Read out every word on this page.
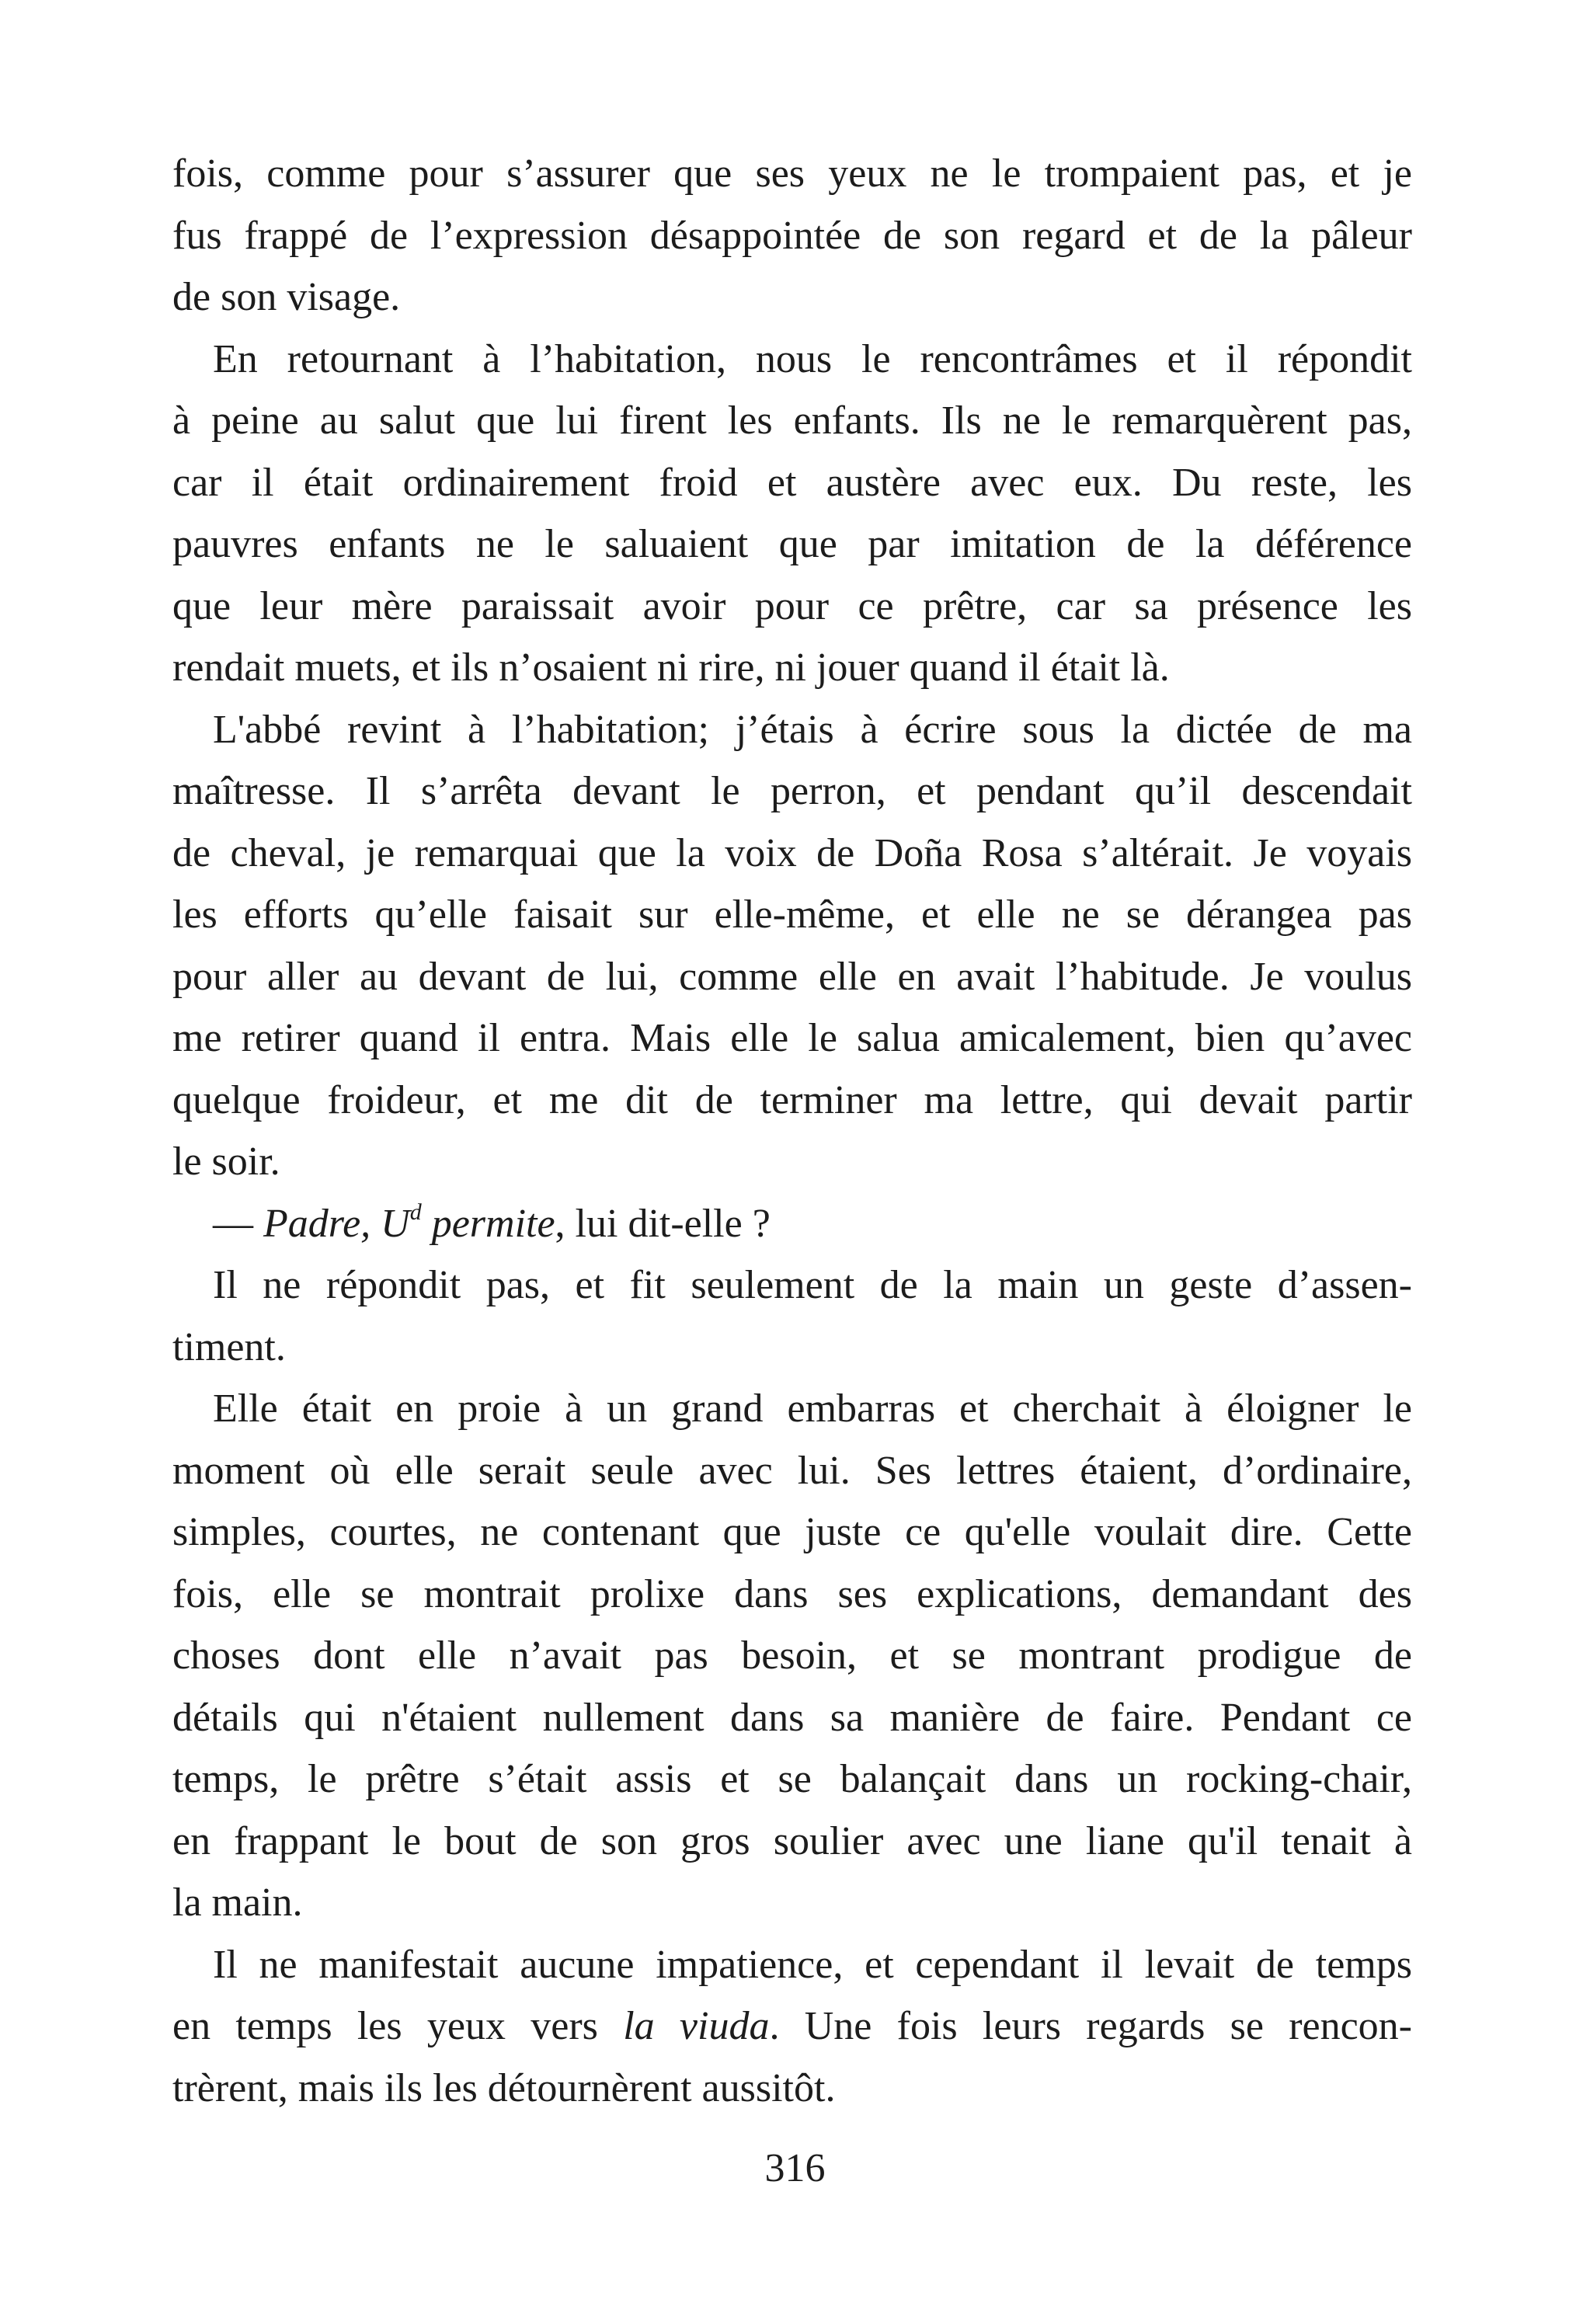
fois, comme pour s’assurer que ses yeux ne le trompaient pas, et je
fus frappé de l’expression désappointée de son regard et de la pâleur
de son visage.

En retournant à l’habitation, nous le rencontrâmes et il répondit
à peine au salut que lui firent les enfants. Ils ne le remarquèrent pas,
car il était ordinairement froid et austère avec eux. Du reste, les
pauvres enfants ne le saluaient que par imitation de la déférence
que leur mère paraissait avoir pour ce prêtre, car sa présence les
rendait muets, et ils n’osaient ni rire, ni jouer quand il était là.

L'abbé revint à l’habitation; j’étais à écrire sous la dictée de ma
maîtresse. Il s’arrêta devant le perron, et pendant qu’il descendait
de cheval, je remarquai que la voix de Doña Rosa s’altérait. Je voyais
les efforts qu’elle faisait sur elle-même, et elle ne se dérangea pas
pour aller au devant de lui, comme elle en avait l’habitude. Je voulus
me retirer quand il entra. Mais elle le salua amicalement, bien qu’avec
quelque froideur, et me dit de terminer ma lettre, qui devait partir
le soir.

— Padre, $U^d$ permite, lui dit-elle ?

Il ne répondit pas, et fit seulement de la main un geste d’assen-
timent.

Elle était en proie à un grand embarras et cherchait à éloigner le
moment où elle serait seule avec lui. Ses lettres étaient, d’ordinaire,
simples, courtes, ne contenant que juste ce qu'elle voulait dire. Cette
fois, elle se montrait prolixe dans ses explications, demandant des
choses dont elle n’avait pas besoin, et se montrant prodigue de
détails qui n'étaient nullement dans sa manière de faire. Pendant ce
temps, le prêtre s’était assis et se balançait dans un rocking-chair,
en frappant le bout de son gros soulier avec une liane qu'il tenait à
la main.

Il ne manifestait aucune impatience, et cependant il levait de temps
en temps les yeux vers la viuda. Une fois leurs regards se rencon-
trèrent, mais ils les détournèrent aussitôt.

316
